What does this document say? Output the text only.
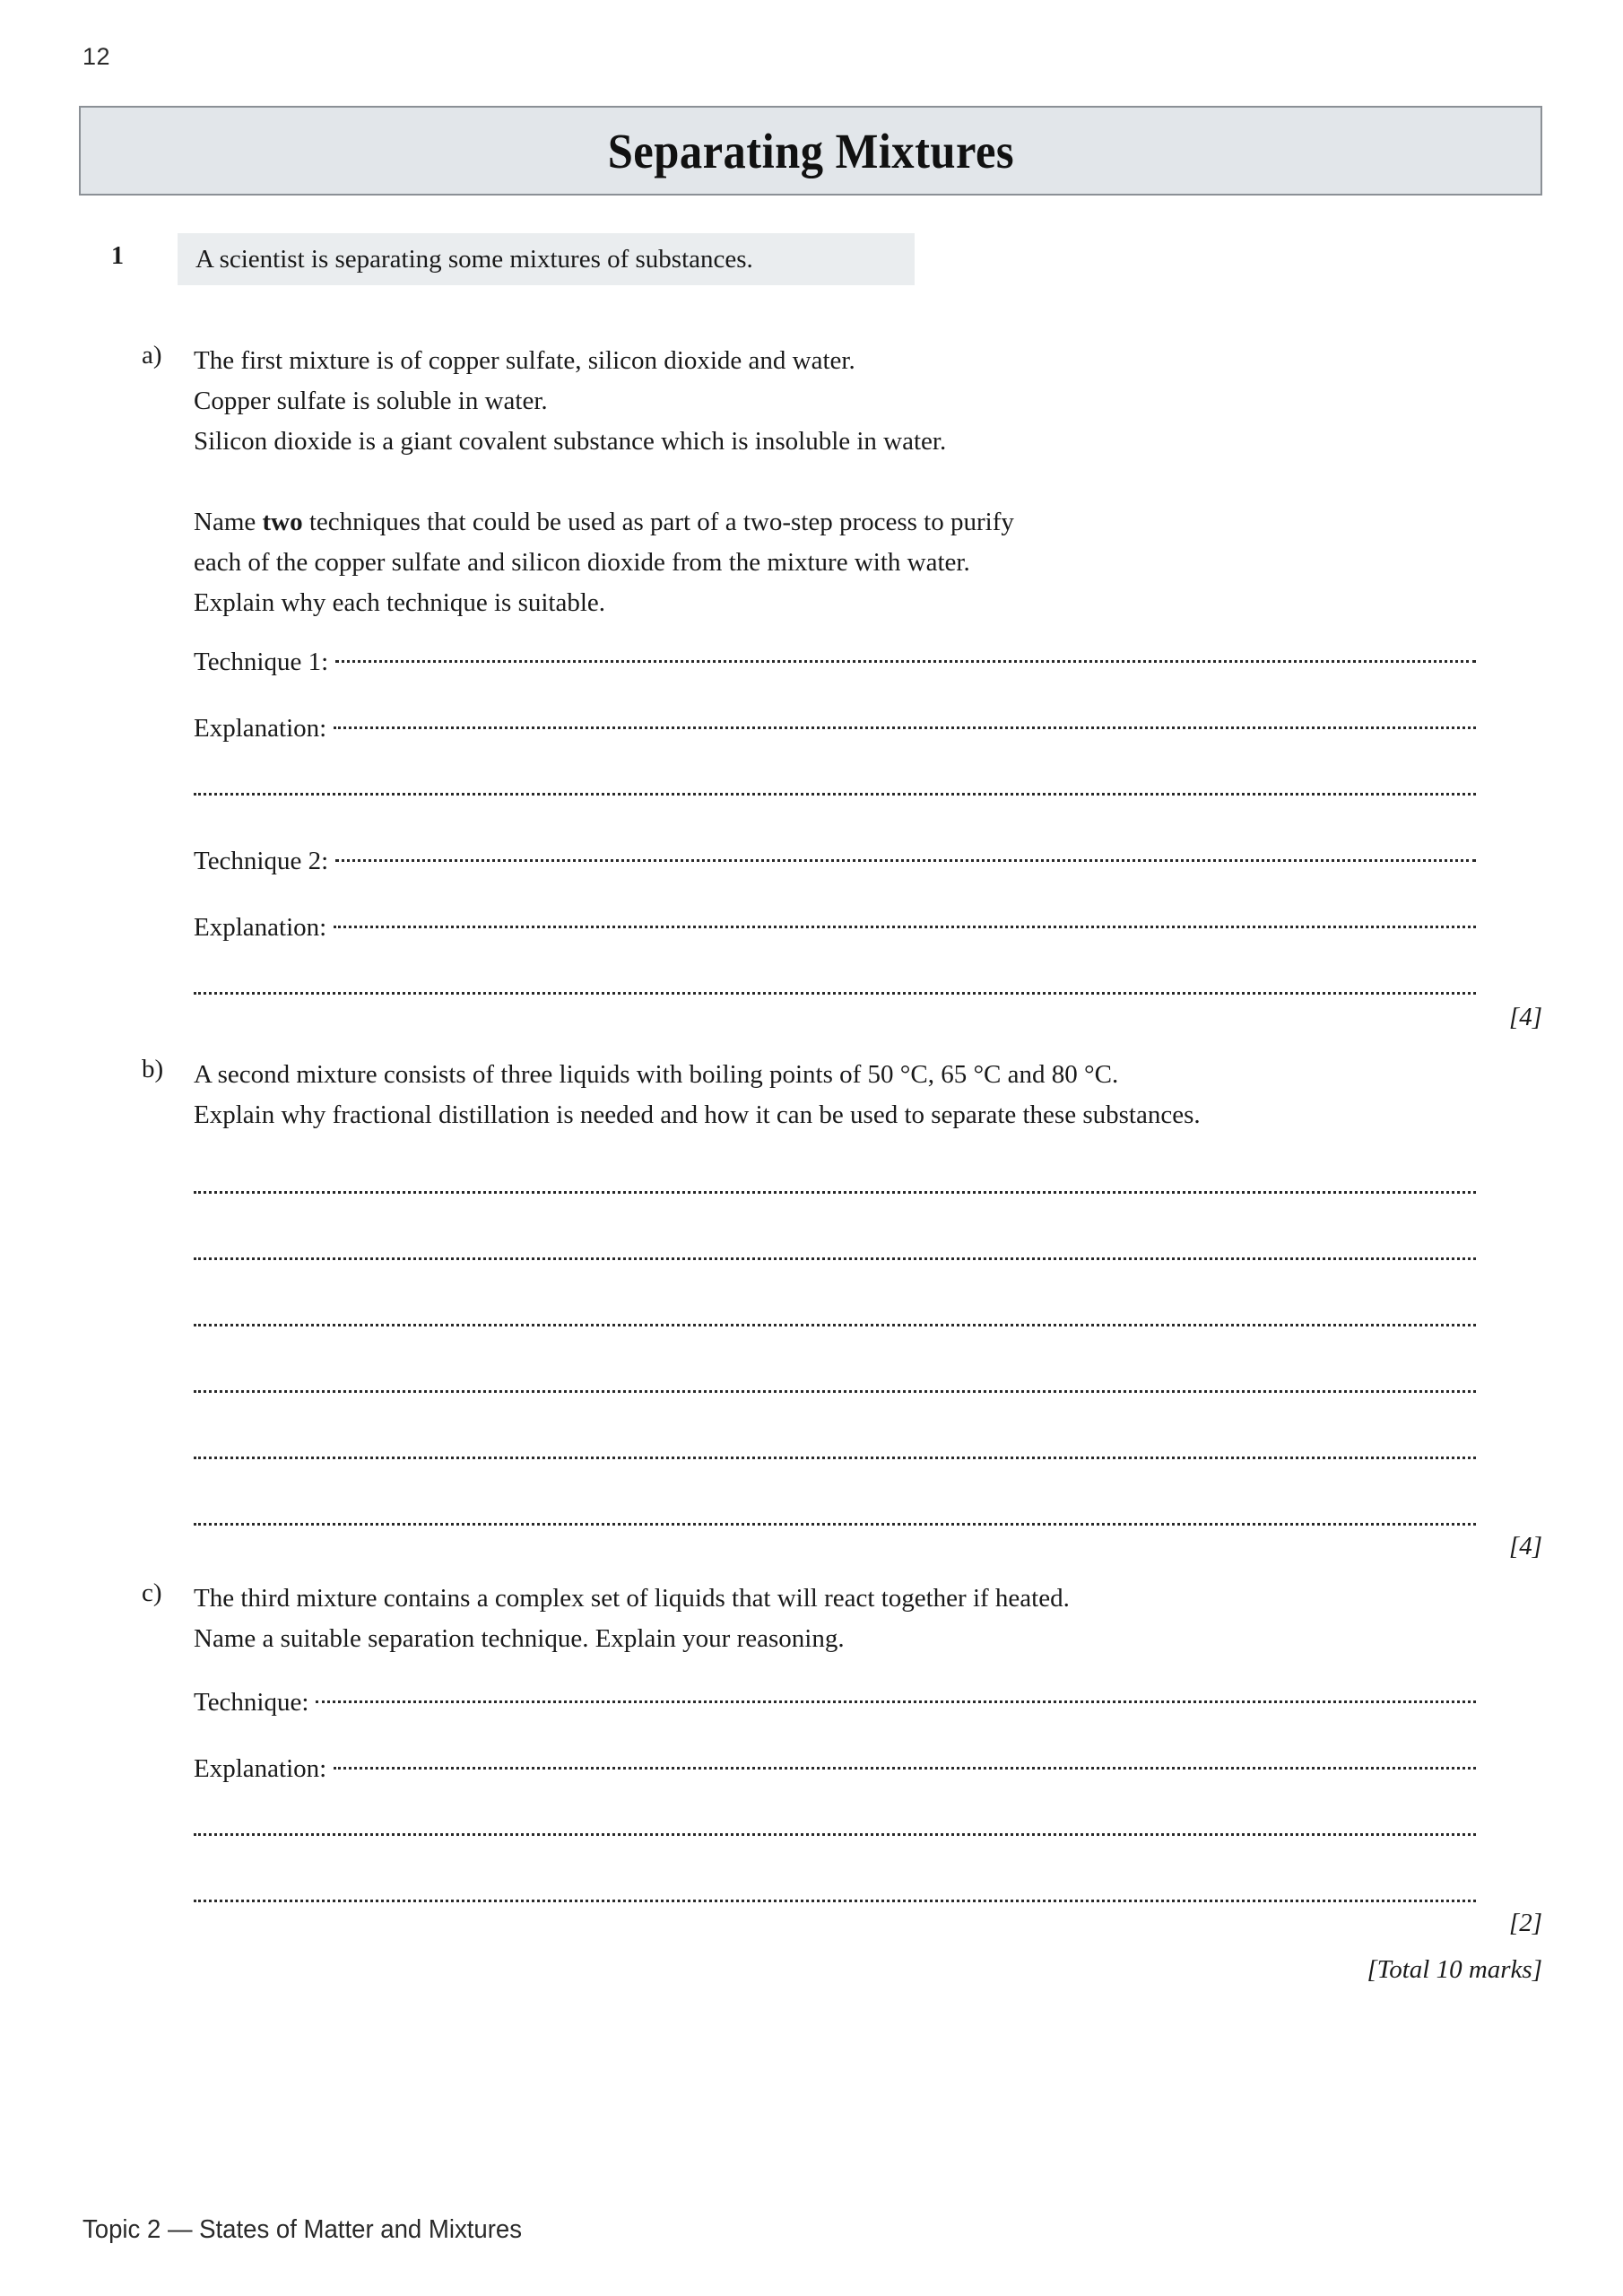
12
Separating Mixtures
1	A scientist is separating some mixtures of substances.
a) The first mixture is of copper sulfate, silicon dioxide and water.

Copper sulfate is soluble in water.

Silicon dioxide is a giant covalent substance which is insoluble in water.

Name two techniques that could be used as part of a two-step process to purify

each of the copper sulfate and silicon dioxide from the mixture with water.

Explain why each technique is suitable.

Technique 1:
Explanation:
Technique 2:
Explanation:
[4]
b) A second mixture consists of three liquids with boiling points of 50 °C, 65 °C and 80 °C.

Explain why fractional distillation is needed and how it can be used to separate these substances.

[4]
c) The third mixture contains a complex set of liquids that will react together if heated.

Name a suitable separation technique. Explain your reasoning.

Technique:
Explanation:
[2]
[Total 10 marks]
Topic 2 — States of Matter and Mixtures
